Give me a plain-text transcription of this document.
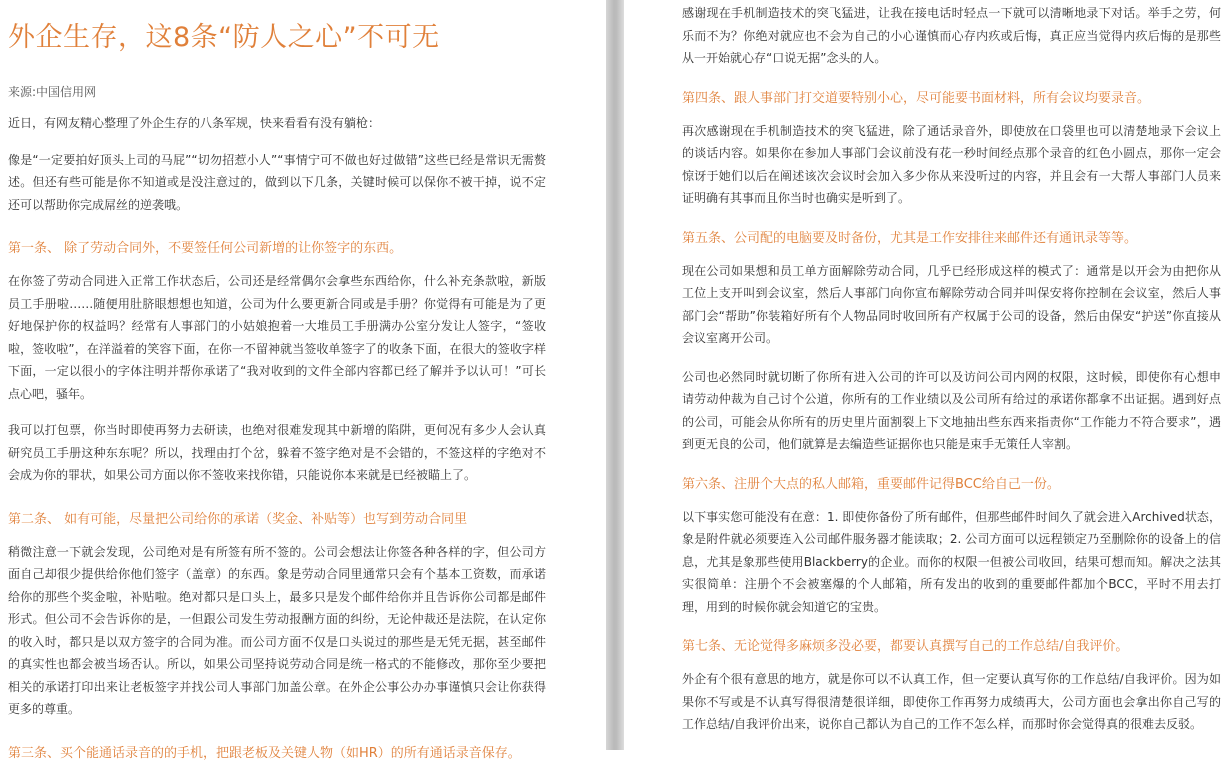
外企生存，这8条“防人之心”不可无
来源:中国信用网

近日，有网友精心整理了外企生存的八条军规，快来看看有没有躺枪：

像是“一定要拍好顶头上司的马屁”“切勿招惹小人”“事情宁可不做也好过做错”这些已经是常识无需赘述。但还有些可能是你不知道或是没注意过的，做到以下几条，关键时候可以保你不被干掉，说不定还可以帮助你完成屌丝的逆袭哦。

第一条、 除了劳动合同外，不要签任何公司新增的让你签字的东西。

在你签了劳动合同进入正常工作状态后，公司还是经常偶尔会拿些东西给你，什么补充条款啦，新版员工手册啦……随便用肚脐眼想想也知道，公司为什么要更新合同或是手册？你觉得有可能是为了更好地保护你的权益吗？经常有人事部门的小姑娘抱着一大堆员工手册满办公室分发让人签字，“签收啦，签收啦”，在洋溢着的笑容下面，在你一不留神就当签收单签字了的收条下面，在很大的签收字样下面，一定以很小的字体注明并帮你承诺了“我对收到的文件全部内容都已经了解并予以认可！”可长点心吧，骚年。

我可以打包票，你当时即使再努力去研读，也绝对很难发现其中新增的陷阱，更何况有多少人会认真研究员工手册这种东东呢？所以，找理由打个岔，躲着不签字绝对是不会错的，不签这样的字绝对不会成为你的罪状，如果公司方面以你不签收来找你错，只能说你本来就是已经被瞄上了。

第二条、 如有可能，尽量把公司给你的承诺（奖金、补贴等）也写到劳动合同里

稍微注意一下就会发现，公司绝对是有所签有所不签的。公司会想法让你签各种各样的字，但公司方面自己却很少提供给你他们签字（盖章）的东西。象是劳动合同里通常只会有个基本工资数，而承诺给你的那些个奖金啦，补贴啦。绝对都只是口头上，最多只是发个邮件给你并且告诉你公司都是邮件形式。但公司不会告诉你的是，一但跟公司发生劳动报酬方面的纠纷，无论仲裁还是法院，在认定你的收入时，都只是以双方签字的合同为准。而公司方面不仅是口头说过的那些是无凭无据，甚至邮件的真实性也都会被当场否认。所以，如果公司坚持说劳动合同是统一格式的不能修改，那你至少要把相关的承诺打印出来让老板签字并找公司人事部门加盖公章。在外企公事公办办事谨慎只会让你获得更多的尊重。

第三条、买个能通话录音的的手机，把跟老板及关键人物（如HR）的所有通话录音保存。

感谢现在手机制造技术的突飞猛进，让我在接电话时轻点一下就可以清晰地录下对话。举手之劳，何乐而不为？你绝对就应也不会为自己的小心谨慎而心存内疚或后悔，真正应当觉得内疚后悔的是那些从一开始就心存“口说无据”念头的人。

第四条、跟人事部门打交道要特别小心，尽可能要书面材料，所有会议均要录音。

再次感谢现在手机制造技术的突飞猛进，除了通话录音外，即使放在口袋里也可以清楚地录下会议上的谈话内容。如果你在参加人事部门会议前没有花一秒时间经点那个录音的红色小圆点，那你一定会惊讶于她们以后在阐述该次会议时会加入多少你从来没听过的内容，并且会有一大帮人事部门人员来证明确有其事而且你当时也确实是听到了。

第五条、公司配的电脑要及时备份，尤其是工作安排往来邮件还有通讯录等等。

现在公司如果想和员工单方面解除劳动合同，几乎已经形成这样的模式了：通常是以开会为由把你从工位上支开叫到会议室，然后人事部门向你宣布解除劳动合同并叫保安将你控制在会议室，然后人事部门会“帮助”你装箱好所有个人物品同时收回所有产权属于公司的设备，然后由保安“护送”你直接从会议室离开公司。

公司也必然同时就切断了你所有进入公司的许可以及访问公司内网的权限，这时候，即使你有心想申请劳动仲裁为自己讨个公道，你所有的工作业绩以及公司所有给过的承诺你都拿不出证据。遇到好点的公司，可能会从你所有的历史里片面割裂上下文地抽出些东西来指责你“工作能力不符合要求”，遇到更无良的公司，他们就算是去编造些证据你也只能是束手无策任人宰割。

第六条、注册个大点的私人邮箱，重要邮件记得BCC给自己一份。

以下事实您可能没有在意：1. 即使你备份了所有邮件，但那些邮件时间久了就会进入Archived状态，象是附件就必须要连入公司邮件服务器才能读取；2. 公司方面可以远程锁定乃至删除你的设备上的信息，尤其是象那些使用Blackberry的企业。而你的权限一但被公司收回，结果可想而知。解决之法其实很简单：注册个不会被塞爆的个人邮箱，所有发出的收到的重要邮件都加个BCC，平时不用去打理，用到的时候你就会知道它的宝贵。

第七条、无论觉得多麻烦多没必要，都要认真撰写自己的工作总结/自我评价。

外企有个很有意思的地方，就是你可以不认真工作，但一定要认真写你的工作总结/自我评价。因为如果你不写或是不认真写得很清楚很详细，即使你工作再努力成绩再大，公司方面也会拿出你自己写的工作总结/自我评价出来，说你自己都认为自己的工作不怎么样，而那时你会觉得真的很难去反驳。
